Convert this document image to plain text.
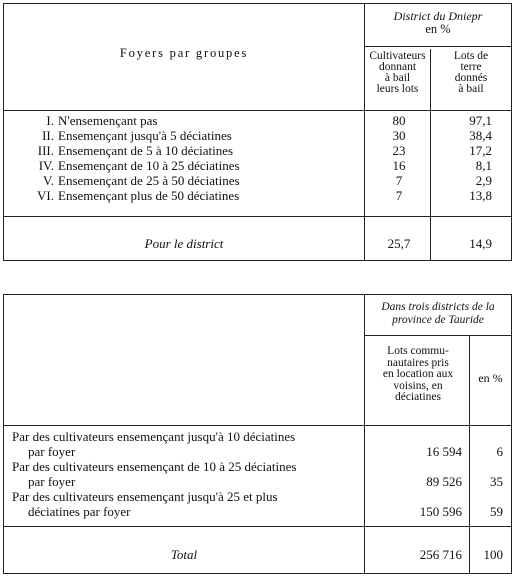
Foyers par groupes
District du Dniepr
en %
Cultivateurs
donnant
à bail
leurs lots
Lots de
terre
donnés
à bail
I. N'ensemençant pas	80	97,1
II. Ensemençant jusqu'à 5 déciatines	30	38,4
III. Ensemençant de 5 à 10 déciatines	23	17,2
IV. Ensemençant de 10 à 25 déciatines	16	8,1
V. Ensemençant de 25 à 50 déciatines	7	2,9
VI. Ensemençant plus de 50 déciatines	7	13,8
Pour le district	25,7	14,9
Dans trois districts de la
province de Tauride
Lots commu-
nautaires pris
en location aux
voisins, en
déciatines
en %
Par des cultivateurs ensemençant jusqu'à 10 déciatines
par foyer	16 594	6
Par des cultivateurs ensemençant de 10 à 25 déciatines
par foyer	89 526	35
Par des cultivateurs ensemençant jusqu'à 25 et plus
déciatines par foyer	150 596	59
Total	256 716	100
